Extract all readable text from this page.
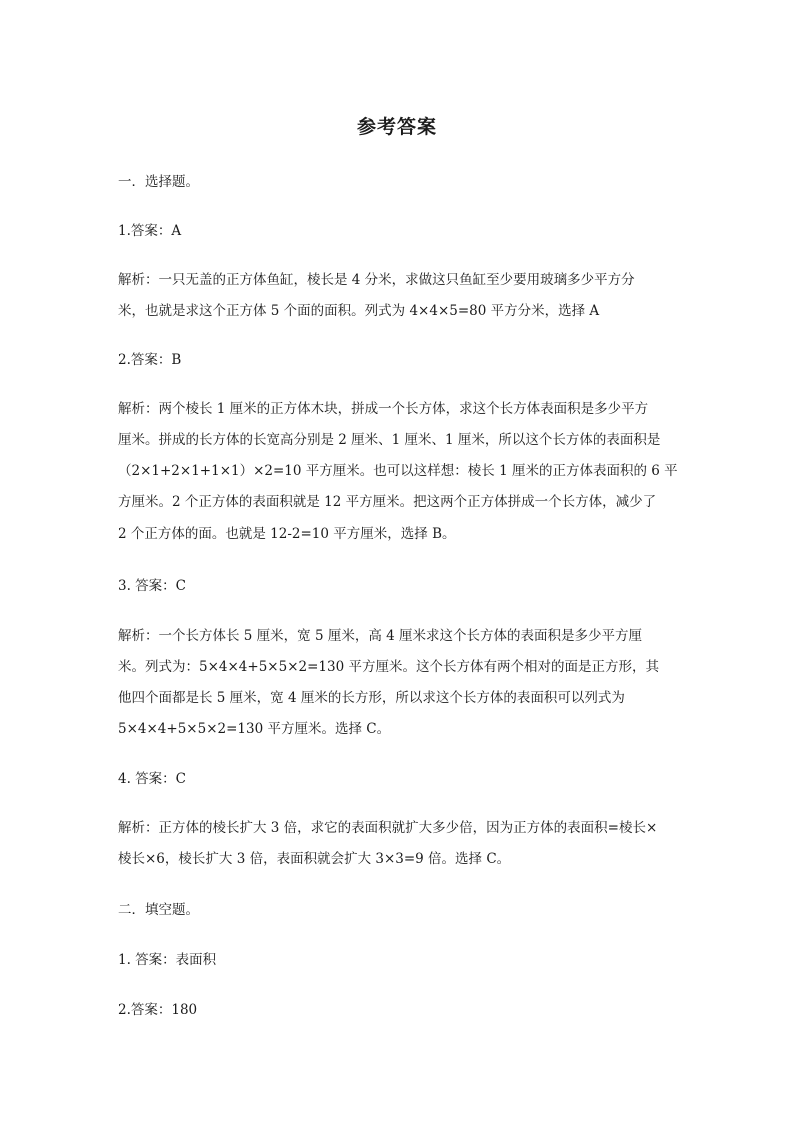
参考答案
一．选择题。
1.答案：A
解析：一只无盖的正方体鱼缸，棱长是 4 分米，求做这只鱼缸至少要用玻璃多少平方分
米，也就是求这个正方体 5 个面的面积。列式为 4×4×5=80 平方分米，选择 A
2.答案：B
解析：两个棱长 1 厘米的正方体木块，拼成一个长方体，求这个长方体表面积是多少平方
厘米。拼成的长方体的长宽高分别是 2 厘米、1 厘米、1 厘米，所以这个长方体的表面积是
（2×1+2×1+1×1）×2=10 平方厘米。也可以这样想：棱长 1 厘米的正方体表面积的 6 平
方厘米。2 个正方体的表面积就是 12 平方厘米。把这两个正方体拼成一个长方体，减少了
2 个正方体的面。也就是 12-2=10 平方厘米，选择 B。
3. 答案：C
解析：一个长方体长 5 厘米，宽 5 厘米，高 4 厘米求这个长方体的表面积是多少平方厘
米。列式为：5×4×4+5×5×2=130 平方厘米。这个长方体有两个相对的面是正方形，其
他四个面都是长 5 厘米，宽 4 厘米的长方形，所以求这个长方体的表面积可以列式为
5×4×4+5×5×2=130 平方厘米。选择 C。
4. 答案：C
解析：正方体的棱长扩大 3 倍，求它的表面积就扩大多少倍，因为正方体的表面积=棱长×
棱长×6，棱长扩大 3 倍，表面积就会扩大 3×3=9 倍。选择 C。
二．填空题。
1. 答案：表面积
2.答案：180
